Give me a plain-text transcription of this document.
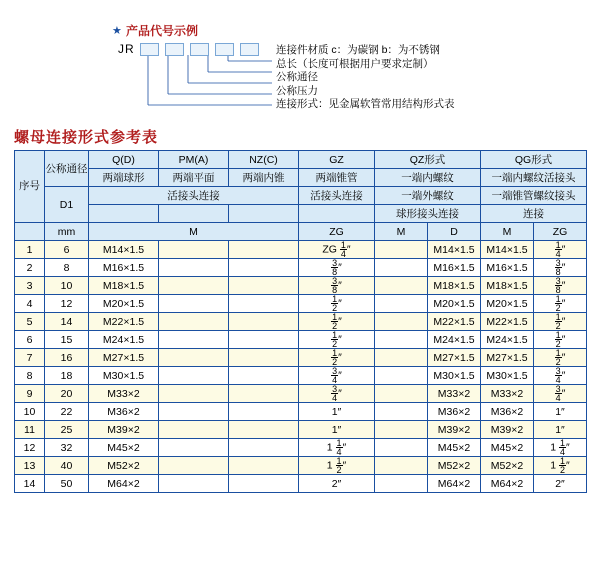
★ 产品代号示例
JR
	连接件材质 c：为碳钢 b：为不锈钢
总长（长度可根据用户要求定制）
公称通径
公称压力
连接形式：见金属软管常用结构形式表
螺母连接形式参考表
序号	公称通径	Q(D)	PM(A)	NZ(C)	GZ	QZ形式		QG形式	
		两端球形	两端平面	两端内锥	两端锥管	一端内螺纹		一端内螺纹活接头	
	D1	活接头连接			活接头连接	一端外螺纹		一端锥管螺纹接头	
						球形接头连接		连接	
	mm	M			ZG	M	D	M	ZG
1	6	M14×1.5			ZG $\frac{1}{4}$ ″		M14×1.5	M14×1.5	$\frac{1}{4}$ ″
2	8	M16×1.5			$\frac{3}{8}$ ″		M16×1.5	M16×1.5	$\frac{3}{8}$ ″
3	10	M18×1.5			$\frac{3}{8}$ ″		M18×1.5	M18×1.5	$\frac{3}{8}$ ″
4	12	M20×1.5			$\frac{1}{2}$ ″		M20×1.5	M20×1.5	$\frac{1}{2}$ ″
5	14	M22×1.5			$\frac{1}{2}$ ″		M22×1.5	M22×1.5	$\frac{1}{2}$ ″
6	15	M24×1.5			$\frac{1}{2}$ ″		M24×1.5	M24×1.5	$\frac{1}{2}$ ″
7	16	M27×1.5			$\frac{1}{2}$ ″		M27×1.5	M27×1.5	$\frac{1}{2}$ ″
8	18	M30×1.5			$\frac{3}{4}$ ″		M30×1.5	M30×1.5	$\frac{3}{4}$ ″
9	20	M33×2			$\frac{3}{4}$ ″		M33×2	M33×2	$\frac{3}{4}$ ″
10	22	M36×2			1″		M36×2	M36×2	1″
11	25	M39×2			1″		M39×2	M39×2	1″
12	32	M45×2			$1 \frac{1}{4}$ ″		M45×2	M45×2	$1 \frac{1}{4}$ ″
13	40	M52×2			$1 \frac{1}{2}$ ″		M52×2	M52×2	$1 \frac{1}{2}$ ″
14	50	M64×2			2″		M64×2	M64×2	2″
